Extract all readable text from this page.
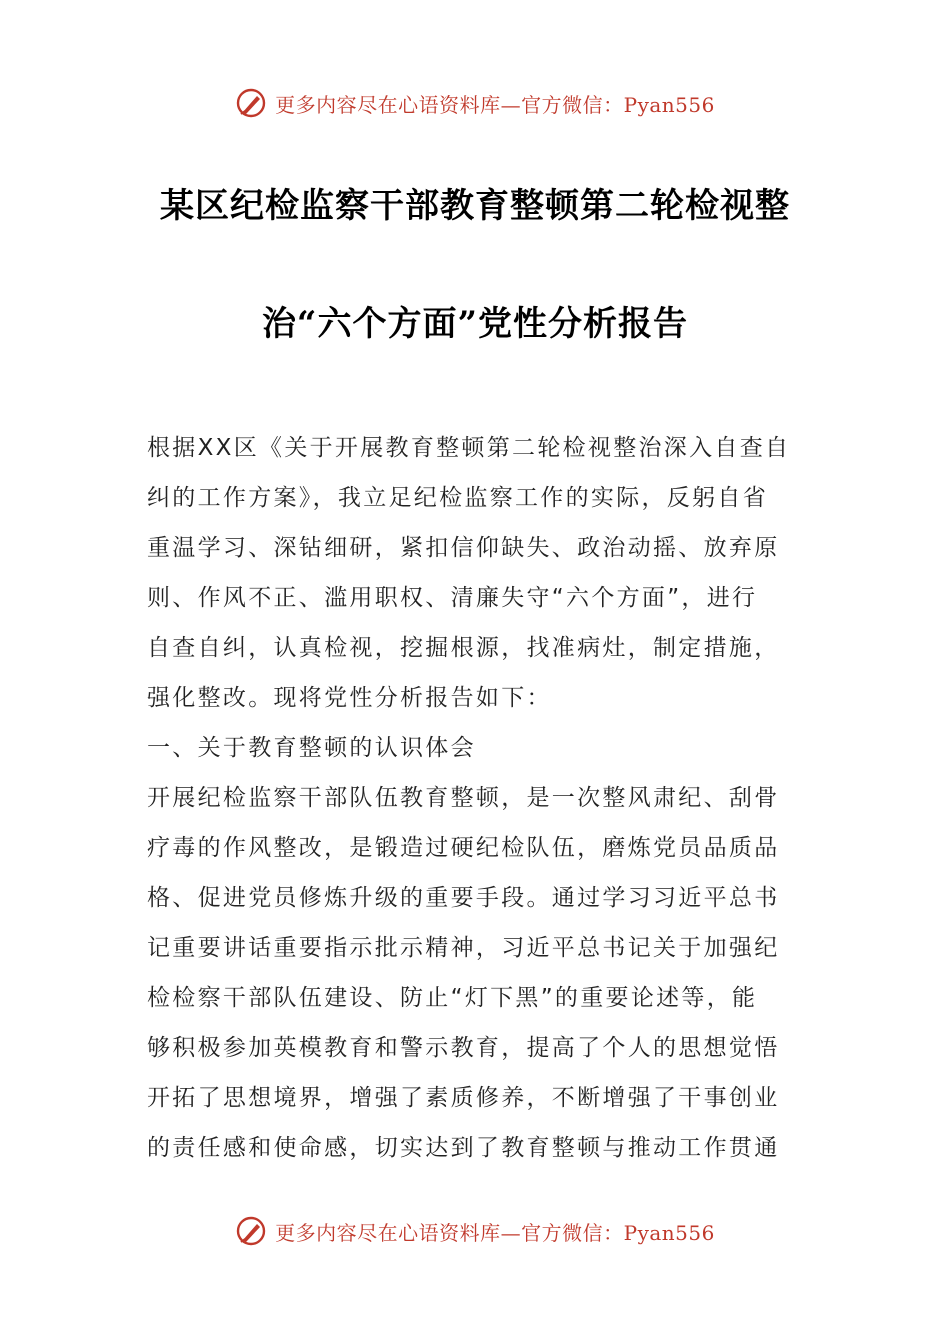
更多内容尽在心语资料库—官方微信：Pyan556
某区纪检监察干部教育整顿第二轮检视整
治“六个方面”党性分析报告
根据XX区《关于开展教育整顿第二轮检视整治深入自查自
纠的工作方案》，我立足纪检监察工作的实际，反躬自省
重温学习、深钻细研，紧扣信仰缺失、政治动摇、放弃原
则、作风不正、滥用职权、清廉失守“六个方面”，进行
自查自纠，认真检视，挖掘根源，找准病灶，制定措施，
强化整改。现将党性分析报告如下：
一、关于教育整顿的认识体会
开展纪检监察干部队伍教育整顿，是一次整风肃纪、刮骨
疗毒的作风整改，是锻造过硬纪检队伍，磨炼党员品质品
格、促进党员修炼升级的重要手段。通过学习习近平总书
记重要讲话重要指示批示精神，习近平总书记关于加强纪
检检察干部队伍建设、防止“灯下黑”的重要论述等，能
够积极参加英模教育和警示教育，提高了个人的思想觉悟
开拓了思想境界，增强了素质修养，不断增强了干事创业
的责任感和使命感，切实达到了教育整顿与推动工作贯通
更多内容尽在心语资料库—官方微信：Pyan556
